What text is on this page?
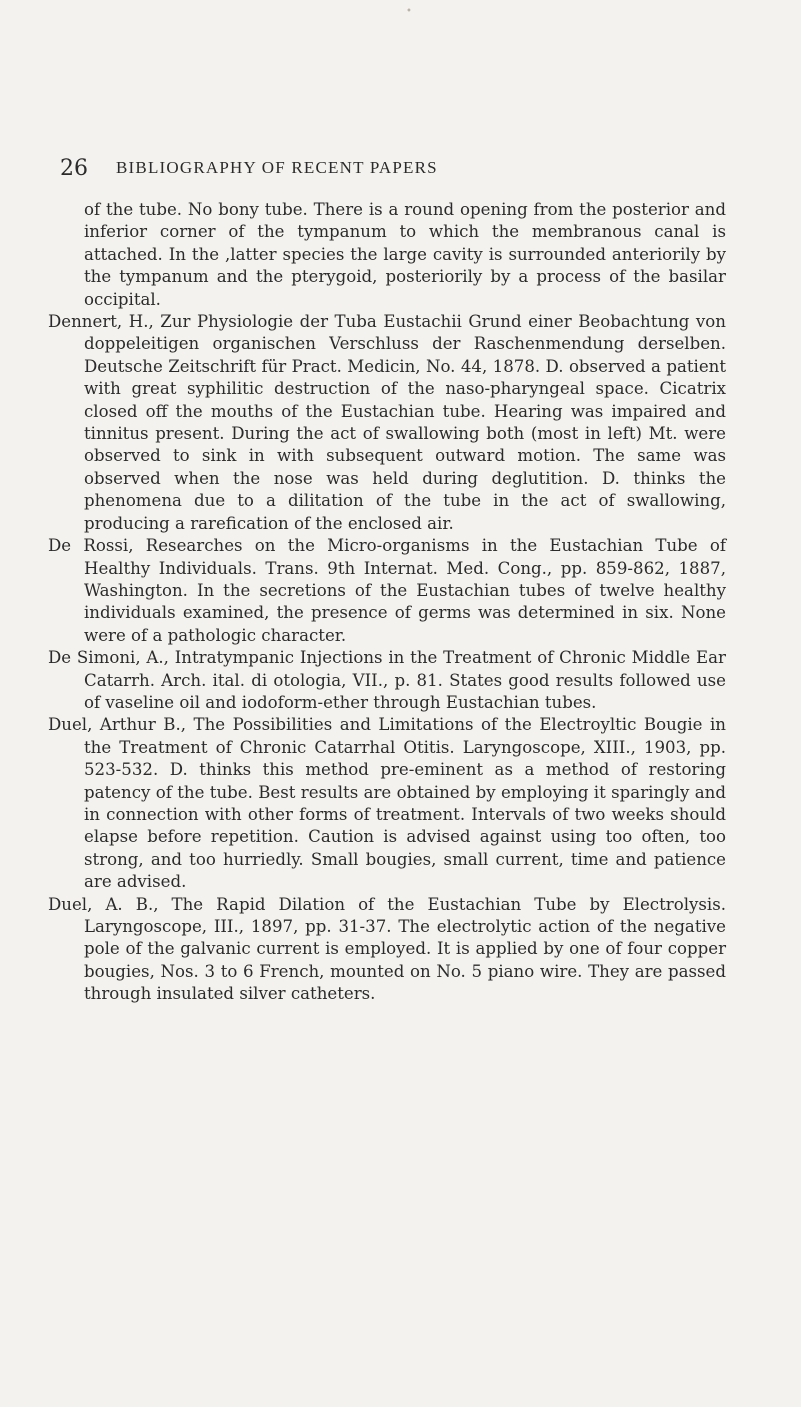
•
26 BIBLIOGRAPHY OF RECENT PAPERS

of the tube. No bony tube. There is a round opening from the posterior and inferior corner of the tympanum to which the membranous canal is attached. In the ,latter species the large cavity is surrounded anteriorily by the tympanum and the pterygoid, posteriorily by a process of the basilar occipital.

Dennert, H., Zur Physiologie der Tuba Eustachii Grund einer Beobachtung von doppeleitigen organischen Verschluss der Raschenmendung derselben. Deutsche Zeitschrift für Pract. Medicin, No. 44, 1878. D. observed a patient with great syphilitic destruction of the naso-pharyngeal space. Cicatrix closed off the mouths of the Eustachian tube. Hearing was impaired and tinnitus present. During the act of swallowing both (most in left) Mt. were observed to sink in with subsequent outward motion. The same was observed when the nose was held during deglutition. D. thinks the phenomena due to a dilitation of the tube in the act of swallowing, producing a rarefication of the enclosed air.

De Rossi, Researches on the Micro-organisms in the Eustachian Tube of Healthy Individuals. Trans. 9th Internat. Med. Cong., pp. 859-862, 1887, Washington. In the secretions of the Eustachian tubes of twelve healthy individuals examined, the presence of germs was determined in six. None were of a pathologic character.

De Simoni, A., Intratympanic Injections in the Treatment of Chronic Middle Ear Catarrh. Arch. ital. di otologia, VII., p. 81. States good results followed use of vaseline oil and iodoform-ether through Eustachian tubes.

Duel, Arthur B., The Possibilities and Limitations of the Electroyltic Bougie in the Treatment of Chronic Catarrhal Otitis. Laryngoscope, XIII., 1903, pp. 523-532. D. thinks this method pre-eminent as a method of restoring patency of the tube. Best results are obtained by employing it sparingly and in connection with other forms of treatment. Intervals of two weeks should elapse before repetition. Caution is advised against using too often, too strong, and too hurriedly. Small bougies, small current, time and patience are advised.

Duel, A. B., The Rapid Dilation of the Eustachian Tube by Electrolysis. Laryngoscope, III., 1897, pp. 31-37. The electrolytic action of the negative pole of the galvanic current is employed. It is applied by one of four copper bougies, Nos. 3 to 6 French, mounted on No. 5 piano wire. They are passed through insulated silver catheters.
